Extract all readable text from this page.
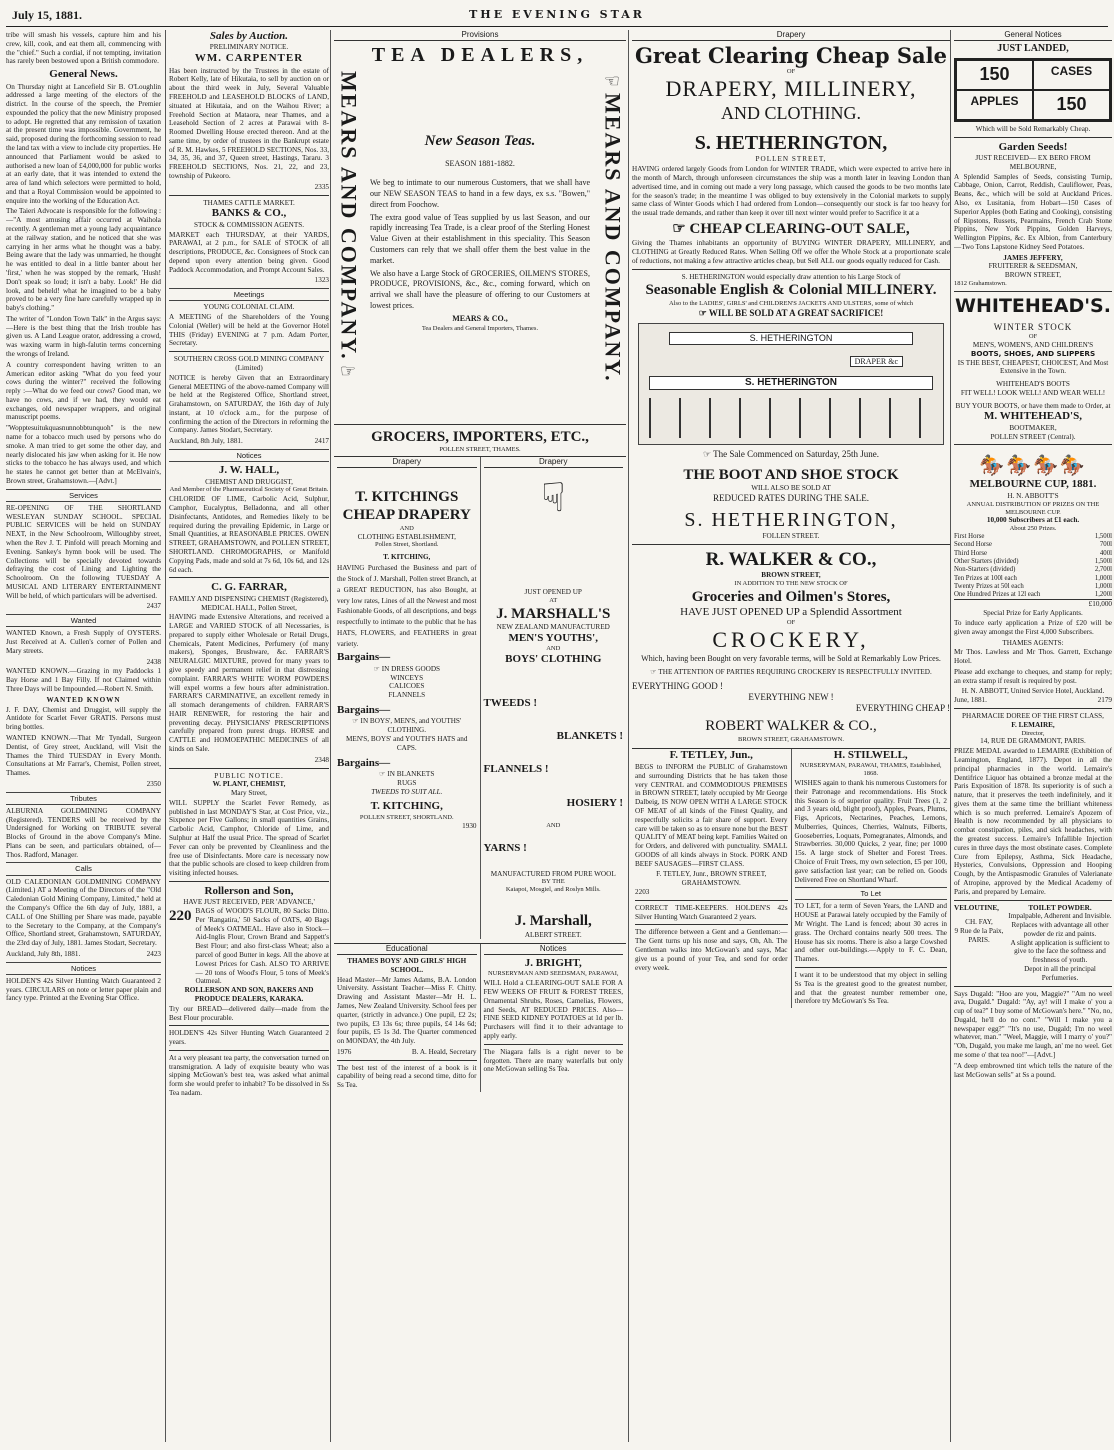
July 15, 1881.	THE EVENING STAR

tribe will smash his vessels, capture him and his crew, kill, cook, and eat them all, commencing with the "chief." Such a cordial, if not tempting, invitation has rarely been bestowed upon a British commodore.

General News.

On Thursday night at Lancefield Sir B. O'Loughlin addressed a large meeting of the electors of the district. In the course of the speech, the Premier expounded the policy that the new Ministry proposed to adopt. He regretted that any remission of taxation at the present time was impossible. Government, he said, proposed during the forthcoming session to read the land tax with a view to include city properties. He announced that Parliament would be asked to authorised a new loan of £4,000,000 for public works at an early date, that it was intended to extend the area of land which selectors were permitted to hold, and that a Royal Commission would be appointed to enquire into the working of the Education Act.

The Taieri Advocate is responsible for the following :—"A most amusing affair occurred at Waihola recently. A gentleman met a young lady acquaintance at the railway station, and he noticed that she was carrying in her arms what he thought was a baby. Being aware that the lady was unmarried, he thought he was entitled to deal in a little banter about her 'first,' when he was stopped by the remark, 'Hush! Don't speak so loud; it isn't a baby. Look!' He did look, and beheld! what he imagined to be a baby proved to be a very fine hare carefully wrapped up in baby's clothing."

The writer of "London Town Talk" in the Argus says:—Here is the best thing that the Irish trouble has given us. A Land League orator, addressing a crowd, was waxing warm in high-falutin terms concerning the wrongs of Ireland.

A country correspondent having written to an American editor asking "What do you feed your cows during the winter?" received the following reply :—What do we feed our cows? Good man, we have no cows, and if we had, they would eat exchanges, old newspaper wrappers, and original manuscript poems.

"Wopptesuitukquasnunnobbtunquoh" is the new name for a tobacco much used by persons who do smoke. A man tried to get some the other day, and nearly dislocated his jaw when asking for it. He now sticks to the tobacco he has always used, and which he states he cannot get better than at McElvain's, Brown street, Grahamstown.—[Advt.]

Services

RE-OPENING OF THE SHORTLAND WESLEYAN SUNDAY SCHOOL. SPECIAL PUBLIC SERVICES will be held on SUNDAY NEXT, in the New Schoolroom, Willoughby street, when the Rev J. T. Pinfold will preach Morning and Evening. Sankey's hymn book will be used. The Collections will be specially devoted towards defraying the cost of Lining and Lighting the Schoolroom. On the following TUESDAY A MUSICAL AND LITERARY ENTERTAINMENT Will be held, of which particulars will be advertised.

2437
Wanted

WANTED Known, a Fresh Supply of OYSTERS. Just Received at A. Cullen's corner of Pollen and Mary streets.

2438

WANTED KNOWN.—Grazing in my Paddocks 1 Bay Horse and 1 Bay Filly. If not Claimed within Three Days will be Impounded.—Robert N. Smith.

WANTED KNOWN

J. F. DAY, Chemist and Druggist, will supply the Antidote for Scarlet Fever GRATIS. Persons must bring bottles.

WANTED KNOWN.—That Mr Tyndall, Surgeon Dentist, of Grey street, Auckland, will Visit the Thames the Third TUESDAY in Every Month. Consultations at Mr Farrar's, Chemist, Pollen street, Thames.

2350
Tributes

ALBURNIA GOLDMINING COMPANY (Registered). TENDERS will be received by the Undersigned for Working on TRIBUTE several Blocks of Ground in the above Company's Mine. Plans can be seen, and particulars obtained, of— Thos. Radford, Manager.

Calls

OLD CALEDONIAN GOLDMINING COMPANY (Limited.) AT a Meeting of the Directors of the "Old Caledonian Gold Mining Company, Limited," held at the Company's Office the 6th day of July, 1881, a CALL of One Shilling per Share was made, payable to the Secretary to the Company, at the Company's Office, Shortland street, Grahamstown, SATURDAY, the 23rd day of July, 1881. James Stodart, Secretary.

Auckland, July 8th, 1881.	2423
Notices

HOLDEN'S 42s Silver Hunting Watch Guaranteed 2 years. CIRCULARS on note or letter paper plain and fancy type. Printed at the Evening Star Office.

Sales by Auction.
PRELIMINARY NOTICE.
WM. CARPENTER

Has been instructed by the Trustees in the estate of Robert Kelly, late of Hikutaia, to sell by auction on or about the third week in July, Several Valuable FREEHOLD and LEASEHOLD BLOCKS of LAND, situated at Hikutaia, and on the Waihou River; a Freehold Section at Mataora, near Thames, and a Leasehold Section of 2 acres at Parawai with 8-Roomed Dwelling House erected thereon. And at the same time, by order of trustees in the Bankrupt estate of R. M. Hawkes, 5 FREEHOLD SECTIONS, Nos. 33, 34, 35, 36, and 37, Queen street, Hastings, Tararu. 3 FREEHOLD SECTIONS, Nos. 21, 22, and 23, township of Pukeoro.

2335
THAMES CATTLE MARKET.
BANKS & CO.,
STOCK & COMMISSION AGENTS.

MARKET each THURSDAY, at their YARDS, PARAWAI, at 2 p.m., for SALE of STOCK of all descriptions, PRODUCE, &c. Consignees of Stock can depend upon every attention being given. Good Paddock Accommodation, and Prompt Account Sales.

1323
Meetings
YOUNG COLONIAL CLAIM.

A MEETING of the Shareholders of the Young Colonial (Weller) will be held at the Governor Hotel THIS (Friday) EVENING at 7 p.m. Adam Porter, Secretary.

SOUTHERN CROSS GOLD MINING COMPANY (Limited)

NOTICE is hereby Given that an Extraordinary General MEETING of the above-named Company will be held at the Registered Office, Shortland street, Grahamstown, on SATURDAY, the 16th day of July instant, at 10 o'clock a.m., for the purpose of confirming the action of the Directors in reforming the Company. James Stodart, Secretary.

Auckland, 8th July, 1881.	2417
Notices
J. W. HALL,
CHEMIST AND DRUGGIST,
And Member of the Pharmaceutical Society of Great Britain.

CHLORIDE OF LIME, Carbolic Acid, Sulphur, Camphor, Eucalyptus, Belladonna, and all other Disinfectants, Antidotes, and Remedies likely to be required during the prevailing Epidemic, in Large or Small Quantities, at REASONABLE PRICES. OWEN STREET, GRAHAMSTOWN, and POLLEN STREET, SHORTLAND. CHROMOGRAPHS, or Manifold Copying Pads, made and sold at 7s 6d, 10s 6d, and 12s 6d each.

C. G. FARRAR,
FAMILY AND DISPENSING CHEMIST (Registered),
MEDICAL HALL, Pollen Street,

HAVING made Extensive Alterations, and received a LARGE and VARIED STOCK of all Necessaries, is prepared to supply either Wholesale or Retail Drugs, Chemicals, Patent Medicines, Perfumery (of many makers), Sponges, Brushware, &c. FARRAR'S NEURALGIC MIXTURE, proved for many years to give speedy and permanent relief in that distressing complaint. FARRAR'S WHITE WORM POWDERS will expel worms a few hours after administration. FARRAR'S CARMINATIVE, an excellent remedy in all stomach derangements of children. FARRAR'S HAIR RENEWER, for restoring the hair and preventing decay. PHYSICIANS' PRESCRIPTIONS carefully prepared from purest drugs. HORSE and CATTLE and HOMOEPATHIC MEDICINES of all kinds on Sale.

2348
PUBLIC NOTICE.
W. PLANT, CHEMIST,
Mary Street,

WILL SUPPLY the Scarlet Fever Remedy, as published in last MONDAY'S Star, at Cost Price, viz., Sixpence per Five Gallons; in small quantities Grains, Carbolic Acid, Camphor, Chloride of Lime, and Sulphur at Half the usual Price. The spread of Scarlet Fever can only be prevented by Cleanliness and the free use of Disinfectants. More care is necessary now that the public schools are closed to keep children from visiting infected houses.

Rollerson and Son,
HAVE JUST RECEIVED, PER 'ADVANCE,'
220 BAGS of WOOD'S FLOUR, 80 Sacks Ditto. Per 'Rangatira,' 50 Sacks of OATS, 40 Bags of Meek's OATMEAL. Have also in Stock— Aid-Inglis Flour, Crown Brand and Sappett's Best Flour; and also first-class Wheat; also a parcel of good Butter in kegs. All the above at Lowest Prices for Cash. ALSO TO ARRIVE— 20 tons of Wood's Flour, 5 tons of Meek's Oatmeal.

ROLLERSON AND SON, BAKERS AND PRODUCE DEALERS, KARAKA.

Try our BREAD—delivered daily—made from the Best Flour procurable.

HOLDEN'S 42s Silver Hunting Watch Guaranteed 2 years.

At a very pleasant tea party, the conversation turned on transmigration. A lady of exquisite beauty who was sipping McGowan's best tea, was asked what animal form she would prefer to inhabit? To be dissolved in Ss Tea nadam.

Provisions
TEA DEALERS,
MEARS AND COMPANY.
☞
New Season Teas.
SEASON 1881-1882.

We beg to intimate to our numerous Customers, that we shall have our NEW SEASON TEAS to hand in a few days, ex s.s. "Bowen," direct from Foochow.

The extra good value of Teas supplied by us last Season, and our rapidly increasing Tea Trade, is a clear proof of the Sterling Honest Value Given at their establishment in this speciality. This Season Customers can rely that we shall offer them the best value in the market.

We also have a Large Stock of GROCERIES, OILMEN'S STORES, PRODUCE, PROVISIONS, &c., &c., coming forward, which on arrival we shall have the pleasure of offering to our Customers at lowest prices.

MEARS & CO.,
Tea Dealers and General Importers, Thames.
☜
MEARS AND COMPANY.
GROCERS, IMPORTERS, ETC.,
POLLEN STREET, THAMES.
Drapery
T. KITCHINGS
CHEAP DRAPERY
AND
CLOTHING ESTABLISHMENT,
Pollen Street, Shortland.
T. KITCHING,

HAVING Purchased the Business and part of the Stock of J. Marshall, Pollen street Branch, at a GREAT REDUCTION, has also Bought, at very low rates, Lines of all the Newest and most Fashionable Goods, of all descriptions, and begs respectfully to intimate to the public that he has HATS, FLOWERS, and FEATHERS in great variety.

Bargains—
☞ IN DRESS GOODS
WINCEYS
CALICOES
FLANNELS
Bargains—
☞ IN BOYS', MEN'S, and YOUTHS' CLOTHING.
MEN'S, BOYS' and YOUTH'S HATS and CAPS.
Bargains—
☞ IN BLANKETS
RUGS
TWEEDS TO SUIT ALL.
T. KITCHING,
POLLEN STREET, SHORTLAND.
1930
Drapery
☟
JUST OPENED UP
AT
J. MARSHALL'S
NEW ZEALAND MANUFACTURED
MEN'S YOUTHS',
AND
BOYS' CLOTHING
TWEEDS !
BLANKETS !
FLANNELS !
HOSIERY !
AND
YARNS !
MANUFACTURED FROM PURE WOOL
BY THE
Kaiapoi, Mosgiel, and Roslyn Mills.
J. Marshall,
ALBERT STREET.
Educational
THAMES BOYS' AND GIRLS' HIGH SCHOOL.

Head Master—Mr James Adams, B.A. London University. Assistant Teacher—Miss F. Chitty. Drawing and Assistant Master—Mr H. L. James, New Zealand University. School fees per quarter, (strictly in advance.) One pupil, £2 2s; two pupils, £3 13s 6s; three pupils, £4 14s 6d; four pupils, £5 1s 3d. The Quarter commenced on MONDAY, the 4th July.

1976	B. A. Heald, Secretary

The best test of the interest of a book is it capability of being read a second time, ditto for Ss Tea.

Notices
J. BRIGHT,
NURSERYMAN AND SEEDSMAN, PARAWAI,

WILL Hold a CLEARING-OUT SALE FOR A FEW WEEKS OF FRUIT & FOREST TREES, Ornamental Shrubs, Roses, Camelias, Flowers, and Seeds, AT REDUCED PRICES. Also—FINE SEED KIDNEY POTATOES at 1d per lb. Purchasers will find it to their advantage to apply early.

The Niagara falls is a right never to be forgotten. There are many waterfalls but only one McGowan selling Ss Tea.

Drapery
Great Clearing Cheap Sale
OF
DRAPERY, MILLINERY,
AND CLOTHING.
S. HETHERINGTON,
POLLEN STREET,

HAVING ordered largely Goods from London for WINTER TRADE, which were expected to arrive here in the month of March, through unforeseen circumstances the ship was a month later in leaving London than advertised time, and in coming out made a very long passage, which caused the goods to be two months late for the season's trade; in the meantime I was obliged to buy extensively in the Colonial markets to supply same class of Winter Goods which I had ordered from London—consequently our stock is far too heavy for the usual trade demands, and rather than keep it over till next winter would prefer to Sacrifice it at a

☞ CHEAP CLEARING-OUT SALE,

Giving the Thames inhabitants an opportunity of BUYING WINTER DRAPERY, MILLINERY, and CLOTHING at Greatly Reduced Rates. When Selling Off we offer the Whole Stock at a proportionate scale of reductions, not making a few attractive articles cheap, but Sell ALL our goods equally reduced for Cash.

S. HETHERINGTON would especially draw attention to his Large Stock of
Seasonable English & Colonial MILLINERY.
Also to the LADIES', GIRLS' and CHILDREN'S JACKETS AND ULSTERS, some of which
☞ WILL BE SOLD AT A GREAT SACRIFICE!
S. HETHERINGTON
DRAPER &c
S. HETHERINGTON
☞ The Sale Commenced on Saturday, 25th June.
THE BOOT AND SHOE STOCK
WILL ALSO BE SOLD AT
REDUCED RATES DURING THE SALE.
S. HETHERINGTON,
FOLLEN STREET.
R. WALKER & CO.,
BROWN STREET,
IN ADDITION TO THE NEW STOCK OF
Groceries and Oilmen's Stores,
HAVE JUST OPENED UP a Splendid Assortment
OF
CROCKERY,
Which, having been Bought on very favorable terms, will be Sold at Remarkably Low Prices.
☞ THE ATTENTION OF PARTIES REQUIRING CROCKERY IS RESPECTFULLY INVITED.
EVERYTHING GOOD !
EVERYTHING NEW !
EVERYTHING CHEAP !
ROBERT WALKER & CO.,
BROWN STREET, GRAHAMSTOWN.
F. TETLEY, Jun.,

BEGS to INFORM the PUBLIC of Grahamstown and surrounding Districts that he has taken those very CENTRAL and COMMODIOUS PREMISES in BROWN STREET, lately occupied by Mr George Dalbeig, IS NOW OPEN WITH A LARGE STOCK OF MEAT of all kinds of the Finest Quality, and respectfully solicits a fair share of support. Every care will be taken so as to ensure none but the BEST QUALITY of MEAT being kept. Families Waited on for Orders, and delivered with punctuality. SMALL GOODS of all kinds always in Stock. PORK AND BEEF SAUSAGES—FIRST CLASS.

F. TETLEY, Junr., BROWN STREET, GRAHAMSTOWN.
2203

CORRECT TIME-KEEPERS. HOLDEN'S 42s Silver Hunting Watch Guaranteed 2 years.

The difference between a Gent and a Gentleman:—The Gent turns up his nose and says, Oh, Ah. The Gentleman walks into McGowan's and says, Mac give us a pound of your Tea, and send for order every week.

H. STILWELL,
NURSERYMAN, PARAWAI, THAMES, Established, 1868.

WISHES again to thank his numerous Customers for their Patronage and recommendations. His Stock this Season is of superior quality. Fruit Trees (1, 2 and 3 years old, blight proof), Apples, Pears, Plums, Figs, Apricots, Nectarines, Peaches, Lemons, Mulberries, Quinces, Cherries, Walnuts, Filberts, Gooseberries, Loquats, Pomegranates, Almonds, and Strawberries. 30,000 Quicks, 2 year, fine; per 1000 15s. A large stock of Shelter and Forest Trees. Choice of Fruit Trees, my own selection, £5 per 100, gave satisfaction last year; can be relied on. Goods Delivered Free on Shortland Wharf.

To Let

TO LET, for a term of Seven Years, the LAND and HOUSE at Parawai lately occupied by the Family of Mr Wright. The Land is fenced; about 30 acres in grass. The Orchard contains nearly 500 trees. The House has six rooms. There is also a large Cowshed and other out-buildings.—Apply to F. C. Dean, Thames.

I want it to be understood that my object in selling Ss Tea is the greatest good to the greatest number, and that the greatest number remember one, therefore try McGowan's Ss Tea.

General Notices
JUST LANDED,
150	CASES
APPLES	150
Which will be Sold Remarkably Cheap.
Garden Seeds!
JUST RECEIVED— EX BERO FROM MELBOURNE,

A Splendid Samples of Seeds, consisting Turnip, Cabbage, Onion, Carrot, Reddish, Cauliflower, Peas, Beans, &c., which will be sold at Auckland Prices. Also, ex Lusitania, from Hobart—150 Cases of Superior Apples (both Eating and Cooking), consisting of Ripstons, Russets, Pearmains, French Crab Stone Pippins, New York Pippins, Golden Harveys, Wellington Pippins, &c. Ex Albion, from Canterbury—Two Tons Lapstone Kidney Seed Potatoes.

JAMES JEFFERY,
FRUITERER & SEEDSMAN,
BROWN STREET,
1812 Grahamstown.
WHITEHEAD'S.
WINTER STOCK
OF
MEN'S, WOMEN'S, AND CHILDREN'S
BOOTS, SHOES, AND SLIPPERS
IS THE BEST, CHEAPEST, CHOICEST, And Most Extensive in the Town.
WHITEHEAD'S BOOTS
FIT WELL! LOOK WELL! AND WEAR WELL!
BUY YOUR BOOTS, or have them made to Order, at
M. WHITEHEAD'S,
BOOTMAKER,
POLLEN STREET (Central).
🏇🏇🏇🏇
MELBOURNE CUP, 1881.
H. N. ABBOTT'S
ANNUAL DISTRIBUTION OF PRIZES ON THE MELBOURNE CUP.
10,000 Subscribers at £1 each.
About 250 Prizes.
First Horse	1,500l
Second Horse	700l
Third Horse	400l
Other Starters (divided)	1,500l
Non-Starters (divided)	2,700l
Ten Prizes at 100l each	1,000l
Twenty Prizes at 50l each	1,000l
One Hundred Prizes at 12l each	1,200l
£10,000
Special Prize for Early Applicants.

To induce early application a Prize of £20 will be given away amongst the First 4,000 Subscribers.

THAMES AGENTS:

Mr Thos. Lawless and Mr Thos. Garrett, Exchange Hotel.

Please add exchange to cheques, and stamp for reply; an extra stamp if result is required by post.

H. N. ABBOTT, United Service Hotel, Auckland.
June, 1881.	2179
PHARMACIE DOREE OF THE FIRST CLASS,
F. LEMAIRE,
Director,
14, RUE DE GRAMMONT, PARIS.

PRIZE MEDAL awarded to LEMAIRE (Exhibition of Leamington, England, 1877). Depot in all the principal pharmacies in the world. Lemaire's Dentifrice Liquor has obtained a bronze medal at the Paris Exposition of 1878. Its superiority is of such a nature, that it preserves the teeth indefinitely, and it gives them at the same time the brilliant whiteness which is so much preferred. Lemaire's Apozem of Health is now recommended by all physicians to combat constipation, piles, and sick headaches, with the greatest success. Lemaire's Infallible Injection cures in three days the most obstinate cases. Complete Cure from Epilepsy, Asthma, Sick Headache, Hysterics, Convulsions, Oppression and Hooping Cough, by the Antispasmodic Granules of Valerianate of Atropine, approved by the Medical Academy of Paris, and prepared by Lemaire.

VELOUTINE,
CH. FAY,
9 Rue de la Paix,
PARIS.
TOILET POWDER.
Impalpable, Adherent and Invisible.
Replaces with advantage all other powder de riz and paints.
A slight application is sufficient to give to the face the softness and freshness of youth.
Depot in all the principal Perfumeries.

Says Dugald: "Hoo are you, Maggie?" "Am no weel ava, Dugald." Dugald: "Ay, ay! will I make o' you a cup of tea?" I buy some of McGowan's here." "No, no, Dugald, he'll do no cont." "Will I make you a newspaper egg?" "It's no use, Dugald; I'm no weel whatever, man." "Weel, Maggie, will I marry o' you?" "Oh, Dugald, you make me laugh, an' me no weel. Get me some o' that tea noo!"—[Advt.]

"A deep embrowned tint which tells the nature of the last McGowan sells" at Ss a pound.
